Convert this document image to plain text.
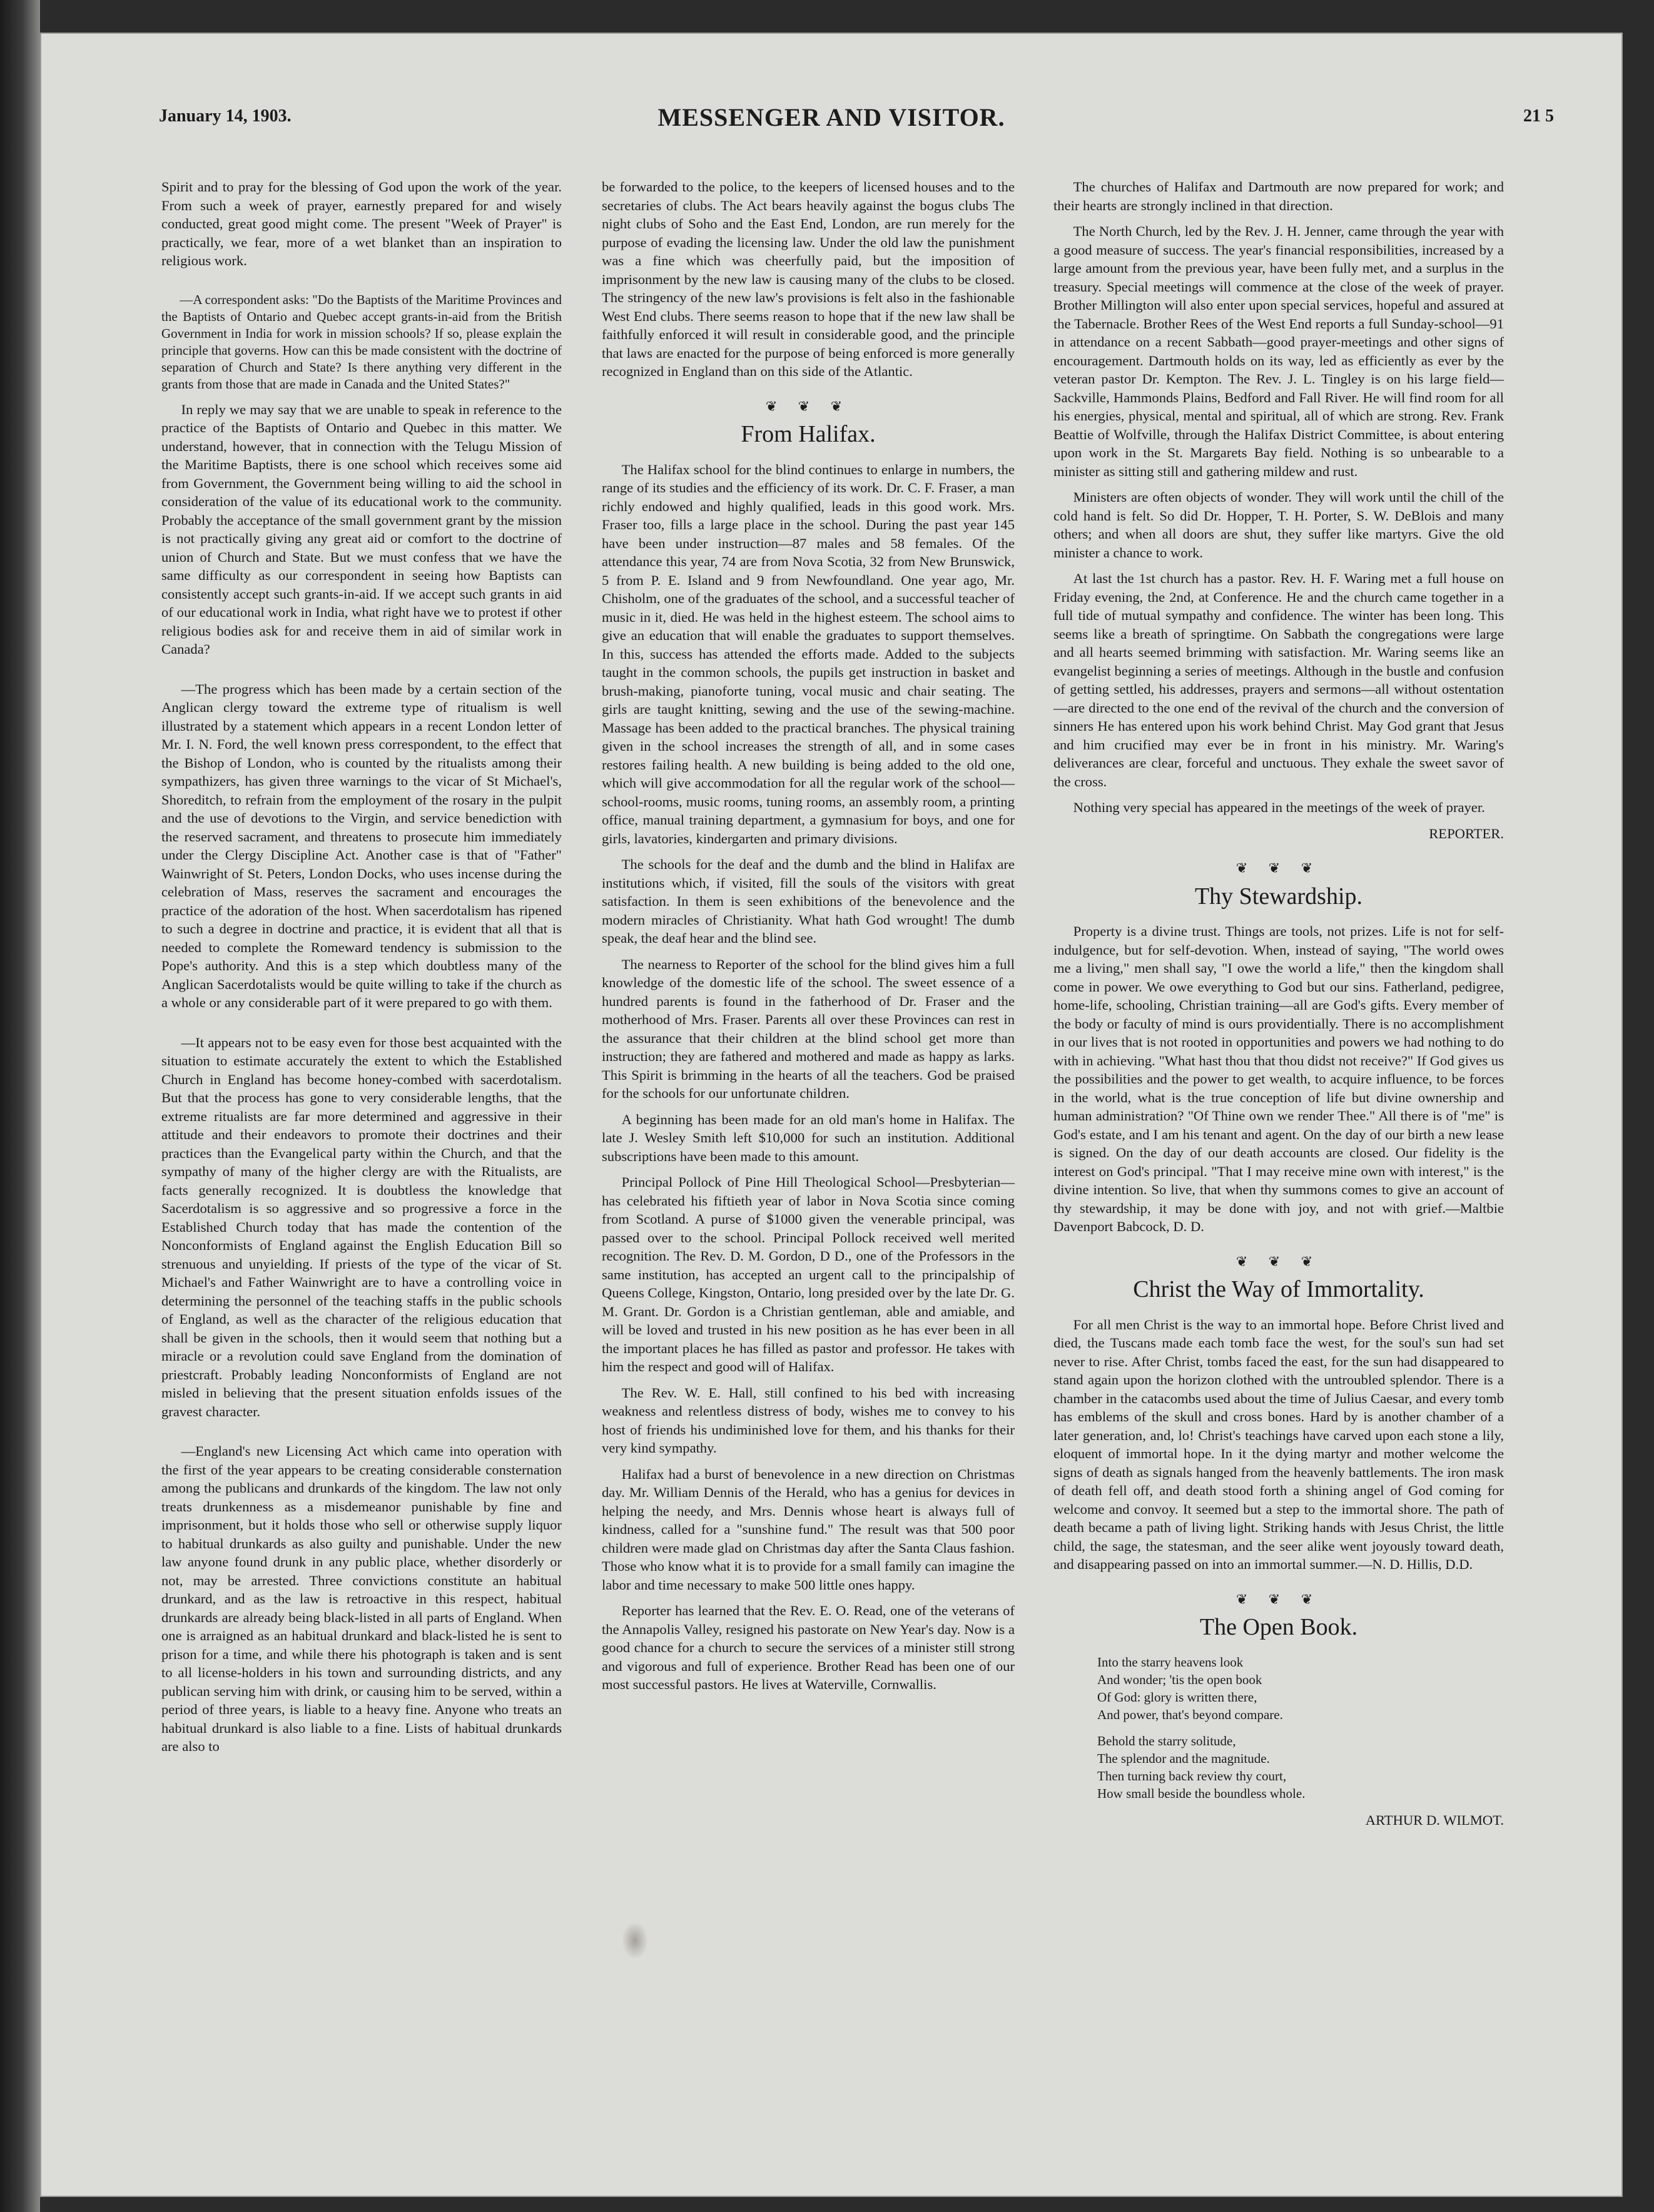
January 14, 1903.	MESSENGER AND VISITOR.	21 5

Spirit and to pray for the blessing of God upon the work of the year. From such a week of prayer, earnestly prepared for and wisely conducted, great good might come. The present "Week of Prayer" is practically, we fear, more of a wet blanket than an inspiration to religious work.

—A correspondent asks: "Do the Baptists of the Maritime Provinces and the Baptists of Ontario and Quebec accept grants-in-aid from the British Government in India for work in mission schools? If so, please explain the principle that governs. How can this be made consistent with the doctrine of separation of Church and State? Is there anything very different in the grants from those that are made in Canada and the United States?"

In reply we may say that we are unable to speak in reference to the practice of the Baptists of Ontario and Quebec in this matter. We understand, however, that in connection with the Telugu Mission of the Maritime Baptists, there is one school which receives some aid from Government, the Government being willing to aid the school in consideration of the value of its educational work to the community. Probably the acceptance of the small government grant by the mission is not practically giving any great aid or comfort to the doctrine of union of Church and State. But we must confess that we have the same difficulty as our correspondent in seeing how Baptists can consistently accept such grants-in-aid. If we accept such grants in aid of our educational work in India, what right have we to protest if other religious bodies ask for and receive them in aid of similar work in Canada?

—The progress which has been made by a certain section of the Anglican clergy toward the extreme type of ritualism is well illustrated by a statement which appears in a recent London letter of Mr. I. N. Ford, the well known press correspondent, to the effect that the Bishop of London, who is counted by the ritualists among their sympathizers, has given three warnings to the vicar of St Michael's, Shoreditch, to refrain from the employment of the rosary in the pulpit and the use of devotions to the Virgin, and service benediction with the reserved sacrament, and threatens to prosecute him immediately under the Clergy Discipline Act. Another case is that of "Father" Wainwright of St. Peters, London Docks, who uses incense during the celebration of Mass, reserves the sacrament and encourages the practice of the adoration of the host. When sacerdotalism has ripened to such a degree in doctrine and practice, it is evident that all that is needed to complete the Romeward tendency is submission to the Pope's authority. And this is a step which doubtless many of the Anglican Sacerdotalists would be quite willing to take if the church as a whole or any considerable part of it were prepared to go with them.

—It appears not to be easy even for those best acquainted with the situation to estimate accurately the extent to which the Established Church in England has become honey-combed with sacerdotalism. But that the process has gone to very considerable lengths, that the extreme ritualists are far more determined and aggressive in their attitude and their endeavors to promote their doctrines and their practices than the Evangelical party within the Church, and that the sympathy of many of the higher clergy are with the Ritualists, are facts generally recognized. It is doubtless the knowledge that Sacerdotalism is so aggressive and so progressive a force in the Established Church today that has made the contention of the Nonconformists of England against the English Education Bill so strenuous and unyielding. If priests of the type of the vicar of St. Michael's and Father Wainwright are to have a controlling voice in determining the personnel of the teaching staffs in the public schools of England, as well as the character of the religious education that shall be given in the schools, then it would seem that nothing but a miracle or a revolution could save England from the domination of priestcraft. Probably leading Nonconformists of England are not misled in believing that the present situation enfolds issues of the gravest character.

—England's new Licensing Act which came into operation with the first of the year appears to be creating considerable consternation among the publicans and drunkards of the kingdom. The law not only treats drunkenness as a misdemeanor punishable by fine and imprisonment, but it holds those who sell or otherwise supply liquor to habitual drunkards as also guilty and punishable. Under the new law anyone found drunk in any public place, whether disorderly or not, may be arrested. Three convictions constitute an habitual drunkard, and as the law is retroactive in this respect, habitual drunkards are already being black-listed in all parts of England. When one is arraigned as an habitual drunkard and black-listed he is sent to prison for a time, and while there his photograph is taken and is sent to all license-holders in his town and surrounding districts, and any publican serving him with drink, or causing him to be served, within a period of three years, is liable to a heavy fine. Anyone who treats an habitual drunkard is also liable to a fine. Lists of habitual drunkards are also to

be forwarded to the police, to the keepers of licensed houses and to the secretaries of clubs. The Act bears heavily against the bogus clubs The night clubs of Soho and the East End, London, are run merely for the purpose of evading the licensing law. Under the old law the punishment was a fine which was cheerfully paid, but the imposition of imprisonment by the new law is causing many of the clubs to be closed. The stringency of the new law's provisions is felt also in the fashionable West End clubs. There seems reason to hope that if the new law shall be faithfully enforced it will result in considerable good, and the principle that laws are enacted for the purpose of being enforced is more generally recognized in England than on this side of the Atlantic.

❦ ❦ ❦
From Halifax.

The Halifax school for the blind continues to enlarge in numbers, the range of its studies and the efficiency of its work. Dr. C. F. Fraser, a man richly endowed and highly qualified, leads in this good work. Mrs. Fraser too, fills a large place in the school. During the past year 145 have been under instruction—87 males and 58 females. Of the attendance this year, 74 are from Nova Scotia, 32 from New Brunswick, 5 from P. E. Island and 9 from Newfoundland. One year ago, Mr. Chisholm, one of the graduates of the school, and a successful teacher of music in it, died. He was held in the highest esteem. The school aims to give an education that will enable the graduates to support themselves. In this, success has attended the efforts made. Added to the subjects taught in the common schools, the pupils get instruction in basket and brush-making, pianoforte tuning, vocal music and chair seating. The girls are taught knitting, sewing and the use of the sewing-machine. Massage has been added to the practical branches. The physical training given in the school increases the strength of all, and in some cases restores failing health. A new building is being added to the old one, which will give accommodation for all the regular work of the school—school-rooms, music rooms, tuning rooms, an assembly room, a printing office, manual training department, a gymnasium for boys, and one for girls, lavatories, kindergarten and primary divisions.

The schools for the deaf and the dumb and the blind in Halifax are institutions which, if visited, fill the souls of the visitors with great satisfaction. In them is seen exhibitions of the benevolence and the modern miracles of Christianity. What hath God wrought! The dumb speak, the deaf hear and the blind see.

The nearness to Reporter of the school for the blind gives him a full knowledge of the domestic life of the school. The sweet essence of a hundred parents is found in the fatherhood of Dr. Fraser and the motherhood of Mrs. Fraser. Parents all over these Provinces can rest in the assurance that their children at the blind school get more than instruction; they are fathered and mothered and made as happy as larks. This Spirit is brimming in the hearts of all the teachers. God be praised for the schools for our unfortunate children.

A beginning has been made for an old man's home in Halifax. The late J. Wesley Smith left $10,000 for such an institution. Additional subscriptions have been made to this amount.

Principal Pollock of Pine Hill Theological School—Presbyterian—has celebrated his fiftieth year of labor in Nova Scotia since coming from Scotland. A purse of $1000 given the venerable principal, was passed over to the school. Principal Pollock received well merited recognition. The Rev. D. M. Gordon, D D., one of the Professors in the same institution, has accepted an urgent call to the principalship of Queens College, Kingston, Ontario, long presided over by the late Dr. G. M. Grant. Dr. Gordon is a Christian gentleman, able and amiable, and will be loved and trusted in his new position as he has ever been in all the important places he has filled as pastor and professor. He takes with him the respect and good will of Halifax.

The Rev. W. E. Hall, still confined to his bed with increasing weakness and relentless distress of body, wishes me to convey to his host of friends his undiminished love for them, and his thanks for their very kind sympathy.

Halifax had a burst of benevolence in a new direction on Christmas day. Mr. William Dennis of the Herald, who has a genius for devices in helping the needy, and Mrs. Dennis whose heart is always full of kindness, called for a "sunshine fund." The result was that 500 poor children were made glad on Christmas day after the Santa Claus fashion. Those who know what it is to provide for a small family can imagine the labor and time necessary to make 500 little ones happy.

Reporter has learned that the Rev. E. O. Read, one of the veterans of the Annapolis Valley, resigned his pastorate on New Year's day. Now is a good chance for a church to secure the services of a minister still strong and vigorous and full of experience. Brother Read has been one of our most successful pastors. He lives at Waterville, Cornwallis.

The churches of Halifax and Dartmouth are now prepared for work; and their hearts are strongly inclined in that direction.

The North Church, led by the Rev. J. H. Jenner, came through the year with a good measure of success. The year's financial responsibilities, increased by a large amount from the previous year, have been fully met, and a surplus in the treasury. Special meetings will commence at the close of the week of prayer. Brother Millington will also enter upon special services, hopeful and assured at the Tabernacle. Brother Rees of the West End reports a full Sunday-school—91 in attendance on a recent Sabbath—good prayer-meetings and other signs of encouragement. Dartmouth holds on its way, led as efficiently as ever by the veteran pastor Dr. Kempton. The Rev. J. L. Tingley is on his large field—Sackville, Hammonds Plains, Bedford and Fall River. He will find room for all his energies, physical, mental and spiritual, all of which are strong. Rev. Frank Beattie of Wolfville, through the Halifax District Committee, is about entering upon work in the St. Margarets Bay field. Nothing is so unbearable to a minister as sitting still and gathering mildew and rust.

Ministers are often objects of wonder. They will work until the chill of the cold hand is felt. So did Dr. Hopper, T. H. Porter, S. W. DeBlois and many others; and when all doors are shut, they suffer like martyrs. Give the old minister a chance to work.

At last the 1st church has a pastor. Rev. H. F. Waring met a full house on Friday evening, the 2nd, at Conference. He and the church came together in a full tide of mutual sympathy and confidence. The winter has been long. This seems like a breath of springtime. On Sabbath the congregations were large and all hearts seemed brimming with satisfaction. Mr. Waring seems like an evangelist beginning a series of meetings. Although in the bustle and confusion of getting settled, his addresses, prayers and sermons—all without ostentation—are directed to the one end of the revival of the church and the conversion of sinners He has entered upon his work behind Christ. May God grant that Jesus and him crucified may ever be in front in his ministry. Mr. Waring's deliverances are clear, forceful and unctuous. They exhale the sweet savor of the cross.

Nothing very special has appeared in the meetings of the week of prayer.

REPORTER.
❦ ❦ ❦
Thy Stewardship.

Property is a divine trust. Things are tools, not prizes. Life is not for self-indulgence, but for self-devotion. When, instead of saying, "The world owes me a living," men shall say, "I owe the world a life," then the kingdom shall come in power. We owe everything to God but our sins. Fatherland, pedigree, home-life, schooling, Christian training—all are God's gifts. Every member of the body or faculty of mind is ours providentially. There is no accomplishment in our lives that is not rooted in opportunities and powers we had nothing to do with in achieving. "What hast thou that thou didst not receive?" If God gives us the possibilities and the power to get wealth, to acquire influence, to be forces in the world, what is the true conception of life but divine ownership and human administration? "Of Thine own we render Thee." All there is of "me" is God's estate, and I am his tenant and agent. On the day of our birth a new lease is signed. On the day of our death accounts are closed. Our fidelity is the interest on God's principal. "That I may receive mine own with interest," is the divine intention. So live, that when thy summons comes to give an account of thy stewardship, it may be done with joy, and not with grief.—Maltbie Davenport Babcock, D. D.

❦ ❦ ❦
Christ the Way of Immortality.

For all men Christ is the way to an immortal hope. Before Christ lived and died, the Tuscans made each tomb face the west, for the soul's sun had set never to rise. After Christ, tombs faced the east, for the sun had disappeared to stand again upon the horizon clothed with the untroubled splendor. There is a chamber in the catacombs used about the time of Julius Caesar, and every tomb has emblems of the skull and cross bones. Hard by is another chamber of a later generation, and, lo! Christ's teachings have carved upon each stone a lily, eloquent of immortal hope. In it the dying martyr and mother welcome the signs of death as signals hanged from the heavenly battlements. The iron mask of death fell off, and death stood forth a shining angel of God coming for welcome and convoy. It seemed but a step to the immortal shore. The path of death became a path of living light. Striking hands with Jesus Christ, the little child, the sage, the statesman, and the seer alike went joyously toward death, and disappearing passed on into an immortal summer.—N. D. Hillis, D.D.

❦ ❦ ❦
The Open Book.
Into the starry heavens look
And wonder; 'tis the open book
Of God: glory is written there,
And power, that's beyond compare.
Behold the starry solitude,
The splendor and the magnitude.
Then turning back review thy court,
How small beside the boundless whole.
ARTHUR D. WILMOT.
